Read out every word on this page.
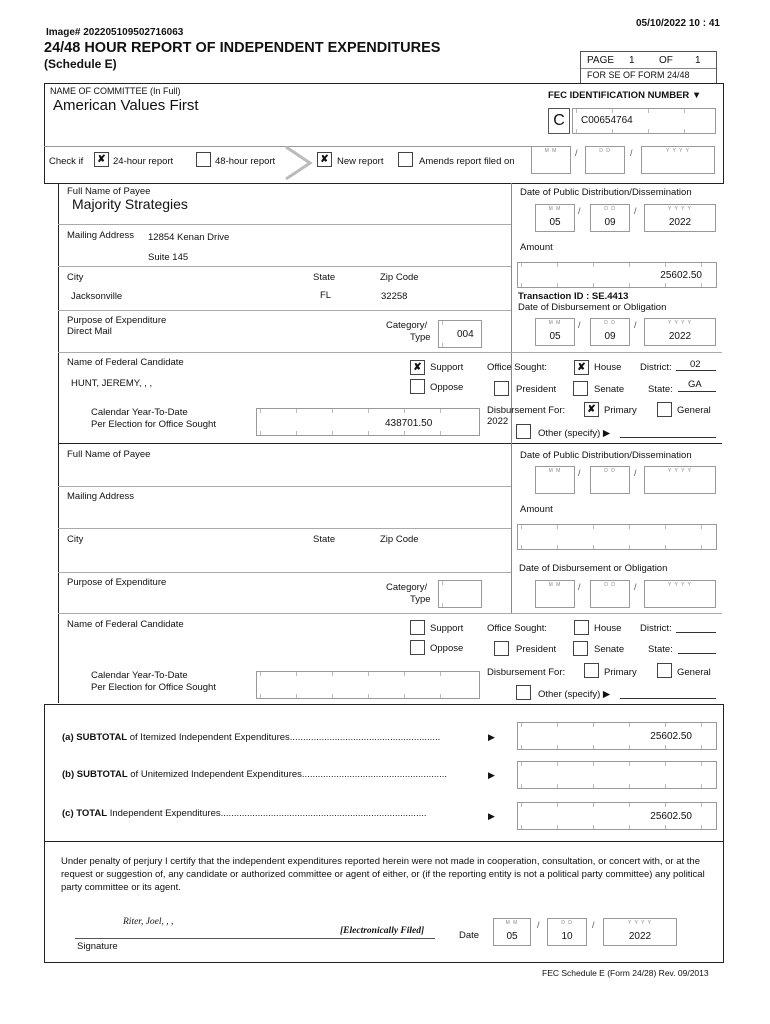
Image# 202205109502716063
05/10/2022 10 : 41
24/48 HOUR REPORT OF INDEPENDENT EXPENDITURES
(Schedule E)	PAGE 1 OF 1
FOR SE OF FORM 24/48
NAME OF COMMITTEE (In Full)
American Values First
FEC IDENTIFICATION NUMBER ▼
C	C00654764
Check if	✘ 24-hour report	48-hour report	✘ New report	Amends report filed on
M M	/	D D	/	Y Y Y Y
Full Name of Payee
Majority Strategies
Date of Public Distribution/Dissemination
M M
05
/	D D
09
/	Y Y Y Y
2022
Mailing Address 12854 Kenan Drive
Suite 145
Amount
25602.50
City	State	Zip Code
Jacksonville	FL	32258	Transaction ID : SE.4413
Date of Disbursement or Obligation
M M
05
/	D D
09
/	Y Y Y Y
2022
Purpose of Expenditure
Direct Mail
Category/
Type	004
Name of Federal Candidate
HUNT, JEREMY, , ,
✘ Support
Oppose
Office Sought:	✘ House District: 02
President	Senate	State: GA
Calendar Year-To-Date
Per Election for Office Sought	438701.50
Disbursement For:
2022
✘ Primary	General
Other (specify) ▶
Full Name of Payee	Date of Public Distribution/Dissemination
M M	/	D D	/	Y Y Y Y
Mailing Address
Amount
City	State	Zip Code
Date of Disbursement or Obligation
M M	/	D D	/	Y Y Y Y
Purpose of Expenditure	Category/
Type
Name of Federal Candidate	Support
Oppose
Office Sought:	House District:
President	Senate	State:
Calendar Year-To-Date
Per Election for Office Sought
Disbursement For:	Primary	General
Other (specify) ▶
(a) SUBTOTAL of Itemized Independent Expenditures.........................................................	▶	25602.50
(b) SUBTOTAL of Unitemized Independent Expenditures.......................................................	▶
(c) TOTAL Independent Expenditures..............................................................................	▶	25602.50
Under penalty of perjury I certify that the independent expenditures reported herein were not made in cooperation, consultation, or concert with, or at the request or suggestion of, any candidate or authorized committee or agent of either, or (if the reporting entity is not a political party committee) any political party committee or its agent.
Riter, Joel, , ,
[Electronically Filed]
Signature
Date
M M
05
/	D D
10
/	Y Y Y Y
2022
FEC Schedule E (Form 24/28) Rev. 09/2013
